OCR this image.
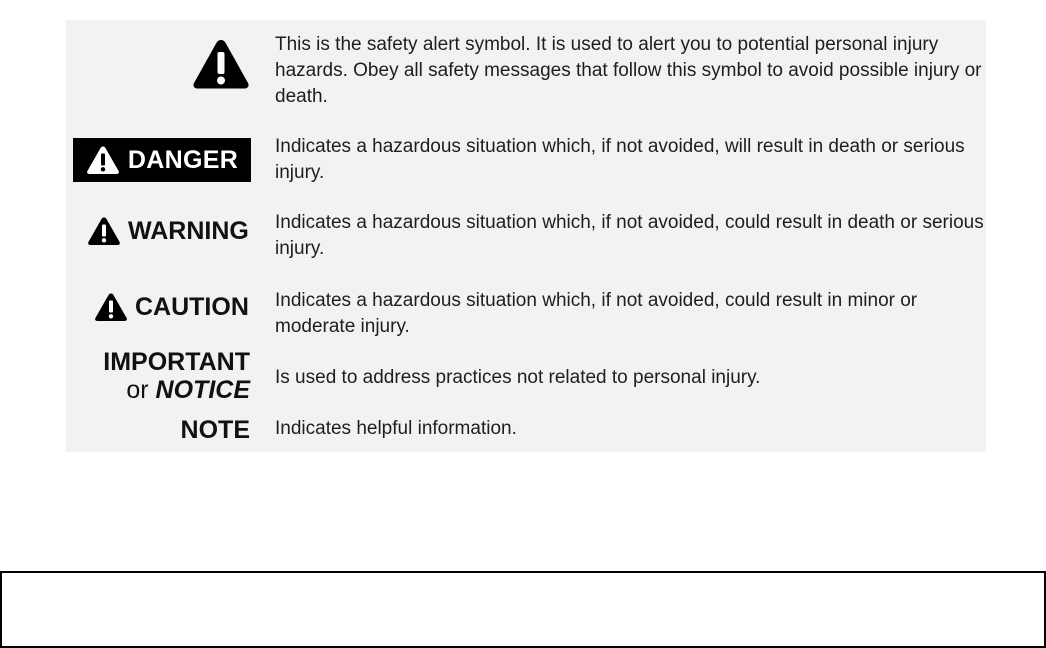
This is the safety alert symbol. It is used to alert you to potential personal injury hazards. Obey all safety messages that follow this symbol to avoid possible injury or death.

DANGER Indicates a hazardous situation which, if not avoided, will result in death or serious injury.

WARNING Indicates a hazardous situation which, if not avoided, could result in death or serious injury.

CAUTION Indicates a hazardous situation which, if not avoided, could result in minor or moderate injury.

IMPORTANT
or NOTICE Is used to address practices not related to personal injury.

NOTE Indicates helpful information.
